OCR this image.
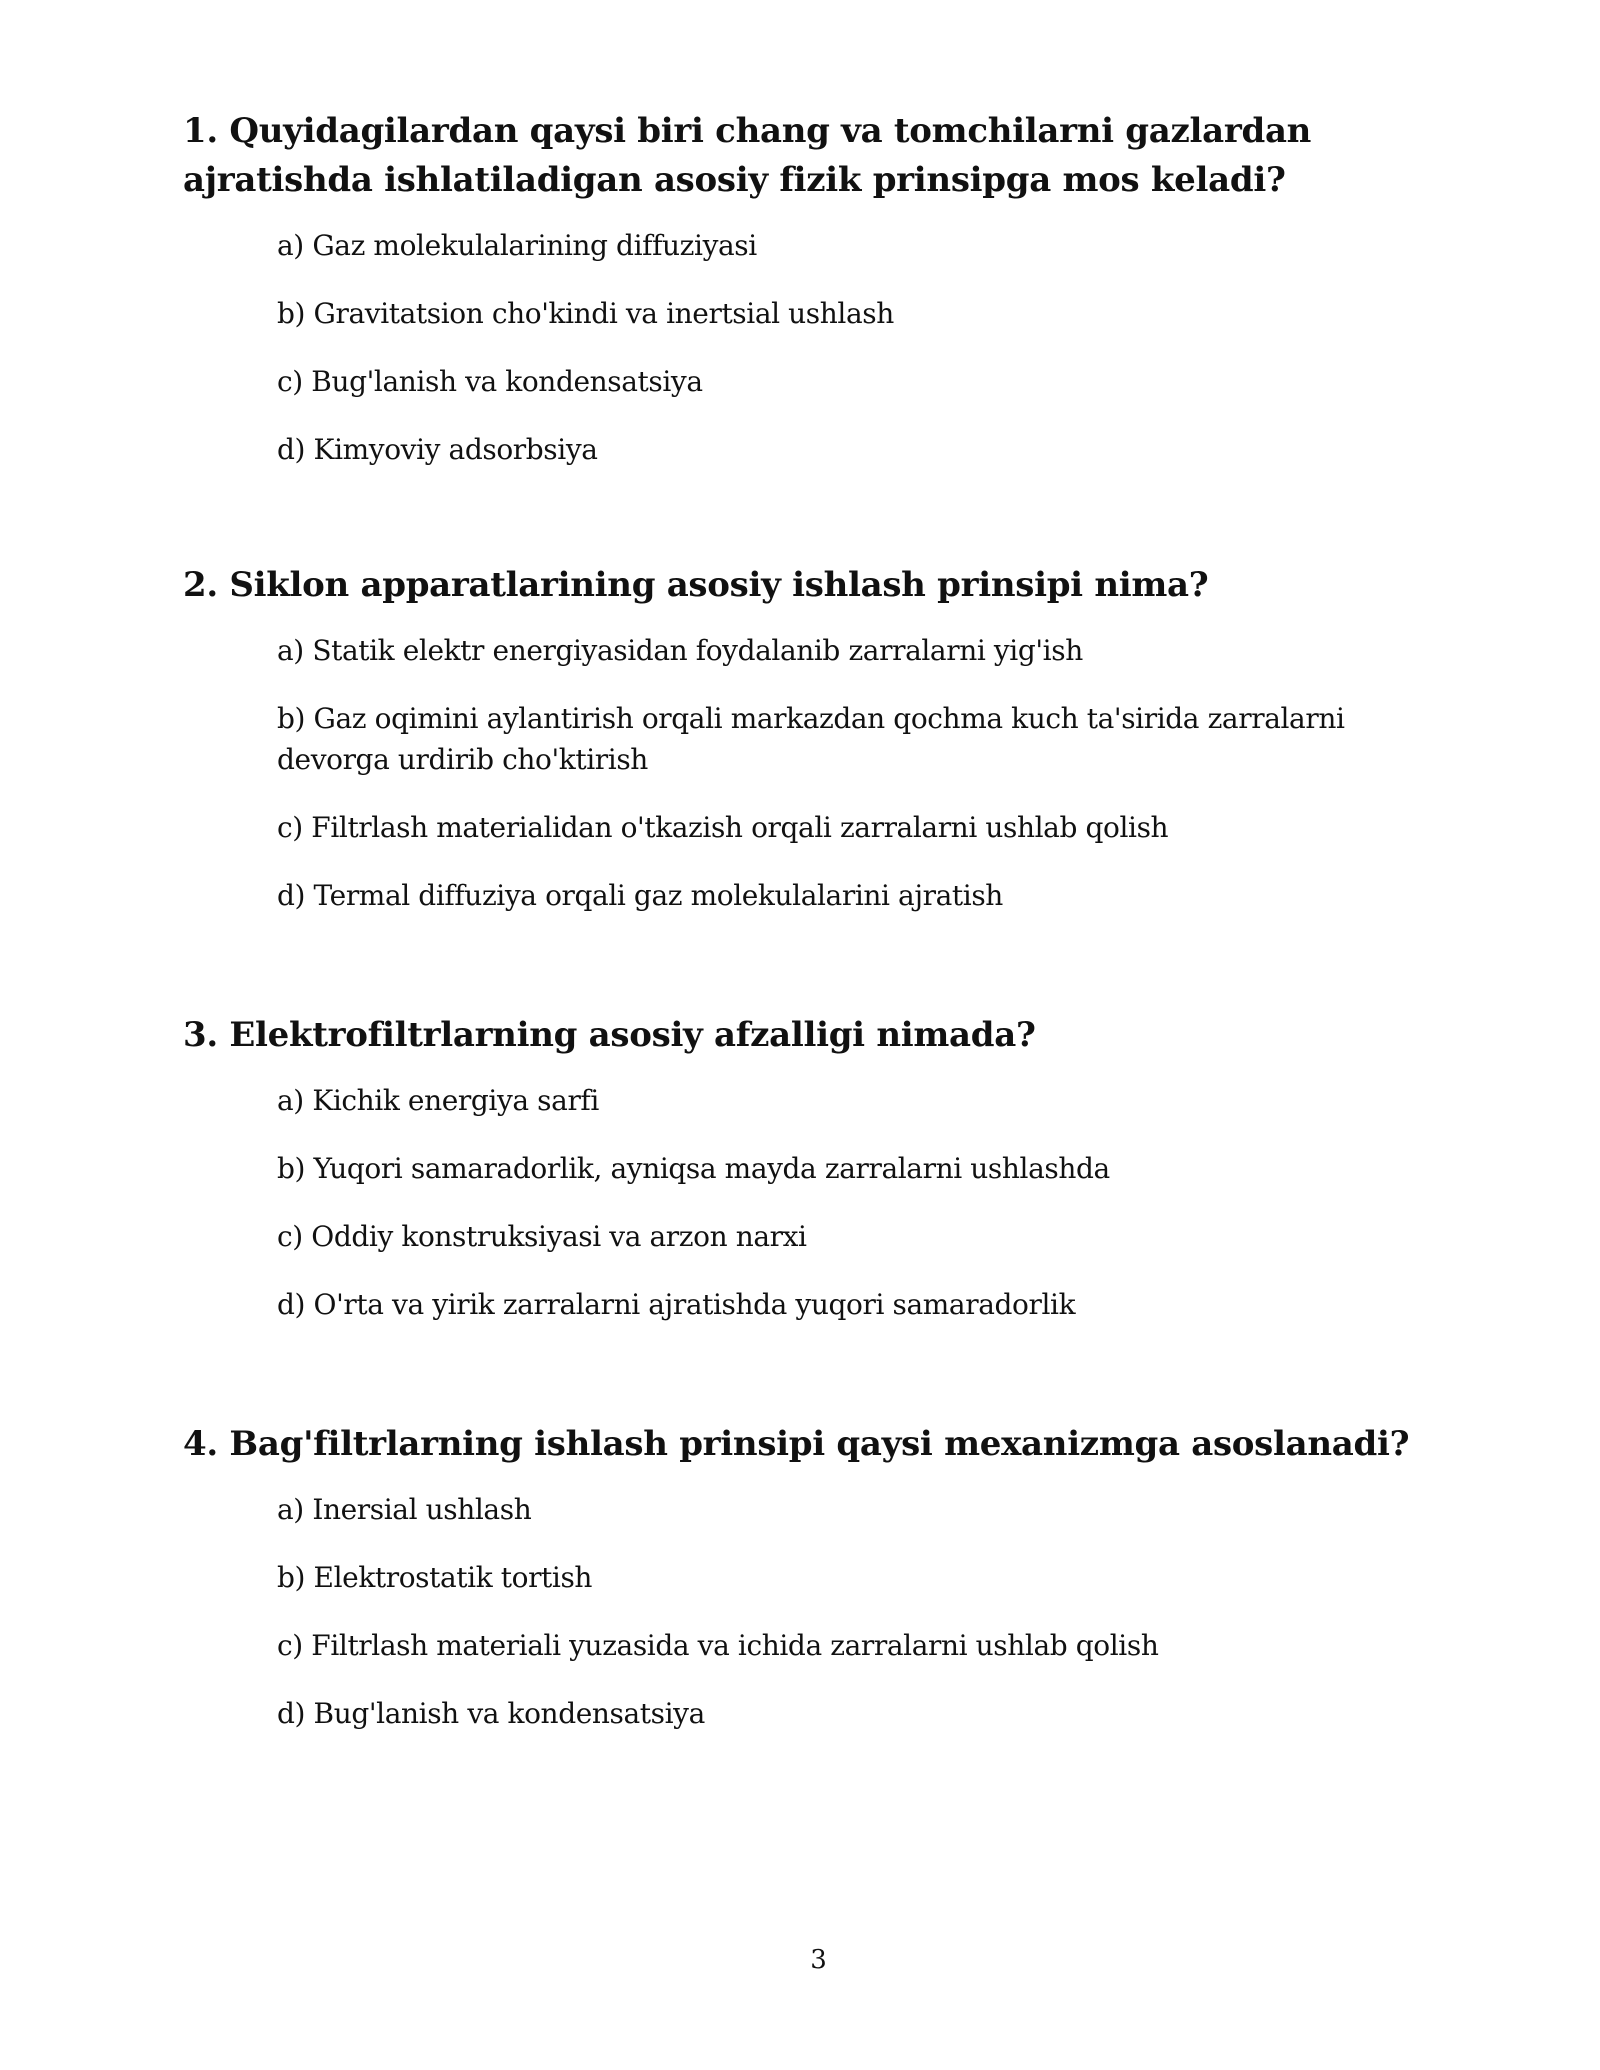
1. Quyidagilardan qaysi biri chang va tomchilarni gazlardan ajratishda ishlatiladigan asosiy fizik prinsipga mos keladi?

a) Gaz molekulalarining diffuziyasi
b) Gravitatsion cho'kindi va inertsial ushlash
c) Bug'lanish va kondensatsiya
d) Kimyoviy adsorbsiya

2. Siklon apparatlarining asosiy ishlash prinsipi nima?

a) Statik elektr energiyasidan foydalanib zarralarni yig'ish
b) Gaz oqimini aylantirish orqali markazdan qochma kuch ta'sirida zarralarni devorga urdirib cho'ktirish
c) Filtrlash materialidan o'tkazish orqali zarralarni ushlab qolish
d) Termal diffuziya orqali gaz molekulalarini ajratish

3. Elektrofiltrlarning asosiy afzalligi nimada?

a) Kichik energiya sarfi
b) Yuqori samaradorlik, ayniqsa mayda zarralarni ushlashda
c) Oddiy konstruksiyasi va arzon narxi
d) O'rta va yirik zarralarni ajratishda yuqori samaradorlik

4. Bag'filtrlarning ishlash prinsipi qaysi mexanizmga asoslanadi?

a) Inersial ushlash
b) Elektrostatik tortish
c) Filtrlash materiali yuzasida va ichida zarralarni ushlab qolish
d) Bug'lanish va kondensatsiya
3
